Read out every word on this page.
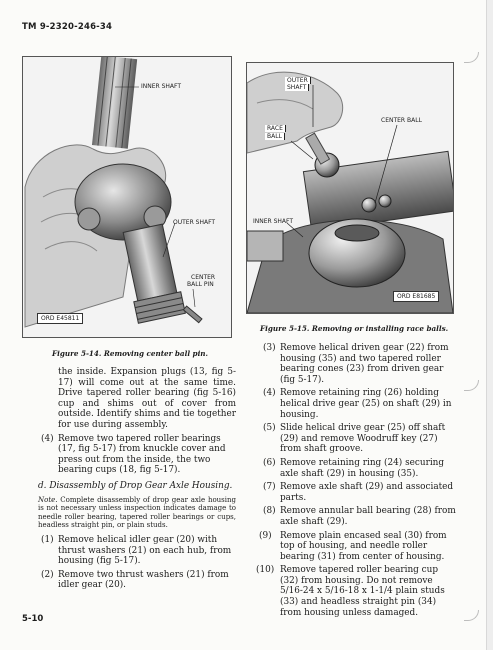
TM 9-2320-246-34
INNER SHAFT
OUTER SHAFT
CENTER
BALL PIN
ORD E45811
Figure 5-14. Removing center ball pin.
OUTER
SHAFT
RACE
BALL
CENTER BALL
INNER SHAFT
ORD E81685
Figure 5-15. Removing or installing race balls.
the inside. Expansion plugs (13, fig 5-17) will come out at the same time. Drive tapered roller bearing (fig 5-16) cup and shims out of cover from outside. Identify shims and tie together for use during assembly.
(4) Remove two tapered roller bearings (17, fig 5-17) from knuckle cover and press out from the inside, the two bearing cups (18, fig 5-17).
d. Disassembly of Drop Gear Axle Housing.
Note. Complete disassembly of drop gear axle housing is not necessary unless inspection indicates damage to needle roller bearing, tapered roller bearings or cups, headless straight pin, or plain studs.
(1) Remove helical idler gear (20) with thrust washers (21) on each hub, from housing (fig 5-17).
(2) Remove two thrust washers (21) from idler gear (20).
(3) Remove helical driven gear (22) from housing (35) and two tapered roller bearing cones (23) from driven gear (fig 5-17).
(4) Remove retaining ring (26) holding helical drive gear (25) on shaft (29) in housing.
(5) Slide helical drive gear (25) off shaft (29) and remove Woodruff key (27) from shaft groove.
(6) Remove retaining ring (24) securing axle shaft (29) in housing (35).
(7) Remove axle shaft (29) and associated parts.
(8) Remove annular ball bearing (28) from axle shaft (29).
(9) Remove plain encased seal (30) from top of housing, and needle roller bearing (31) from center of housing.
(10) Remove tapered roller bearing cup (32) from housing. Do not remove 5/16-24 x 5/16-18 x 1-1/4 plain studs (33) and headless straight pin (34) from housing unless damaged.
5-10
